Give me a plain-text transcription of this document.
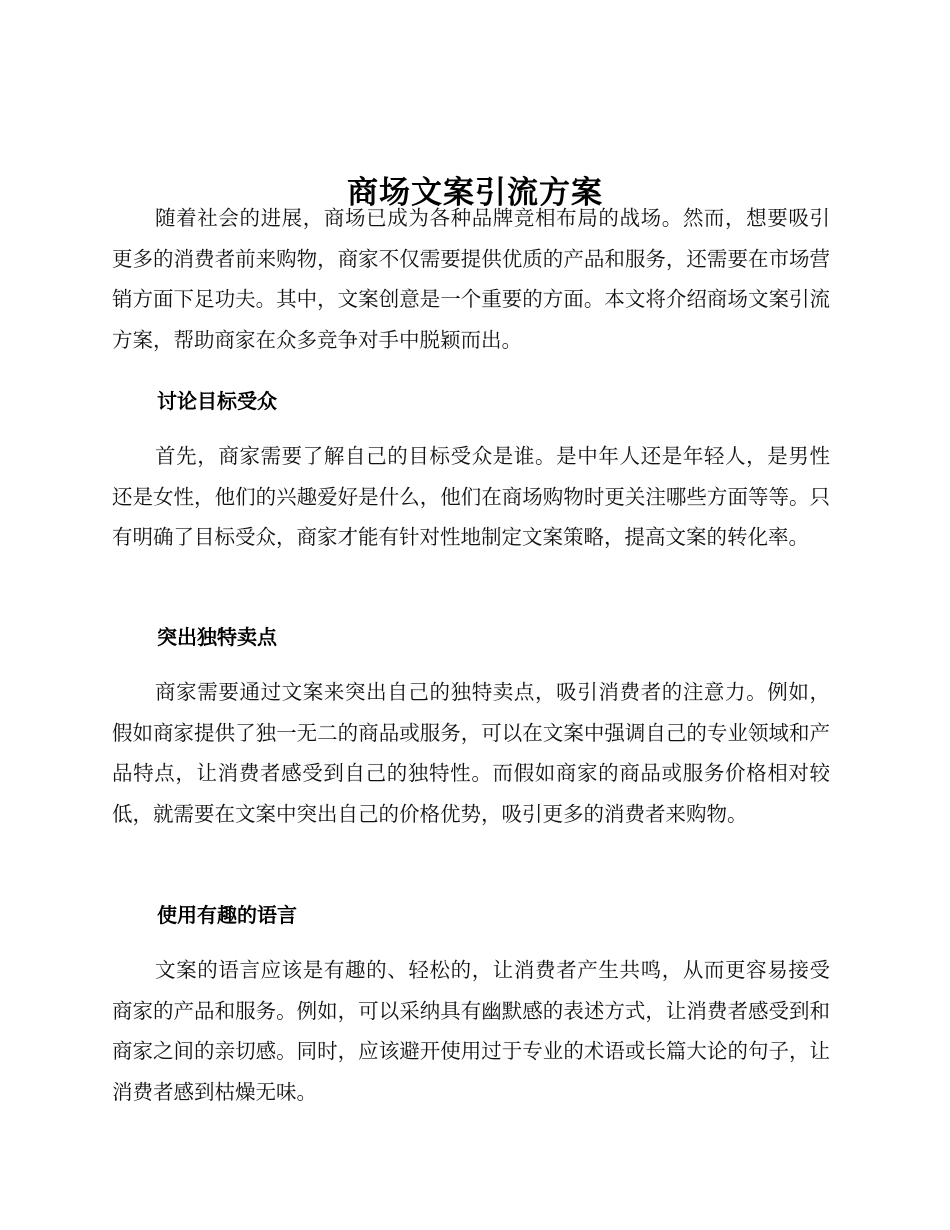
商场文案引流方案

随着社会的进展，商场已成为各种品牌竞相布局的战场。然而，想要吸引更多的消费者前来购物，商家不仅需要提供优质的产品和服务，还需要在市场营销方面下足功夫。其中，文案创意是一个重要的方面。本文将介绍商场文案引流方案，帮助商家在众多竞争对手中脱颖而出。

讨论目标受众

首先，商家需要了解自己的目标受众是谁。是中年人还是年轻人，是男性还是女性，他们的兴趣爱好是什么，他们在商场购物时更关注哪些方面等等。只有明确了目标受众，商家才能有针对性地制定文案策略，提高文案的转化率。

突出独特卖点

商家需要通过文案来突出自己的独特卖点，吸引消费者的注意力。例如，假如商家提供了独一无二的商品或服务，可以在文案中强调自己的专业领域和产品特点，让消费者感受到自己的独特性。而假如商家的商品或服务价格相对较低，就需要在文案中突出自己的价格优势，吸引更多的消费者来购物。

使用有趣的语言

文案的语言应该是有趣的、轻松的，让消费者产生共鸣，从而更容易接受商家的产品和服务。例如，可以采纳具有幽默感的表述方式，让消费者感受到和商家之间的亲切感。同时，应该避开使用过于专业的术语或长篇大论的句子，让消费者感到枯燥无味。
